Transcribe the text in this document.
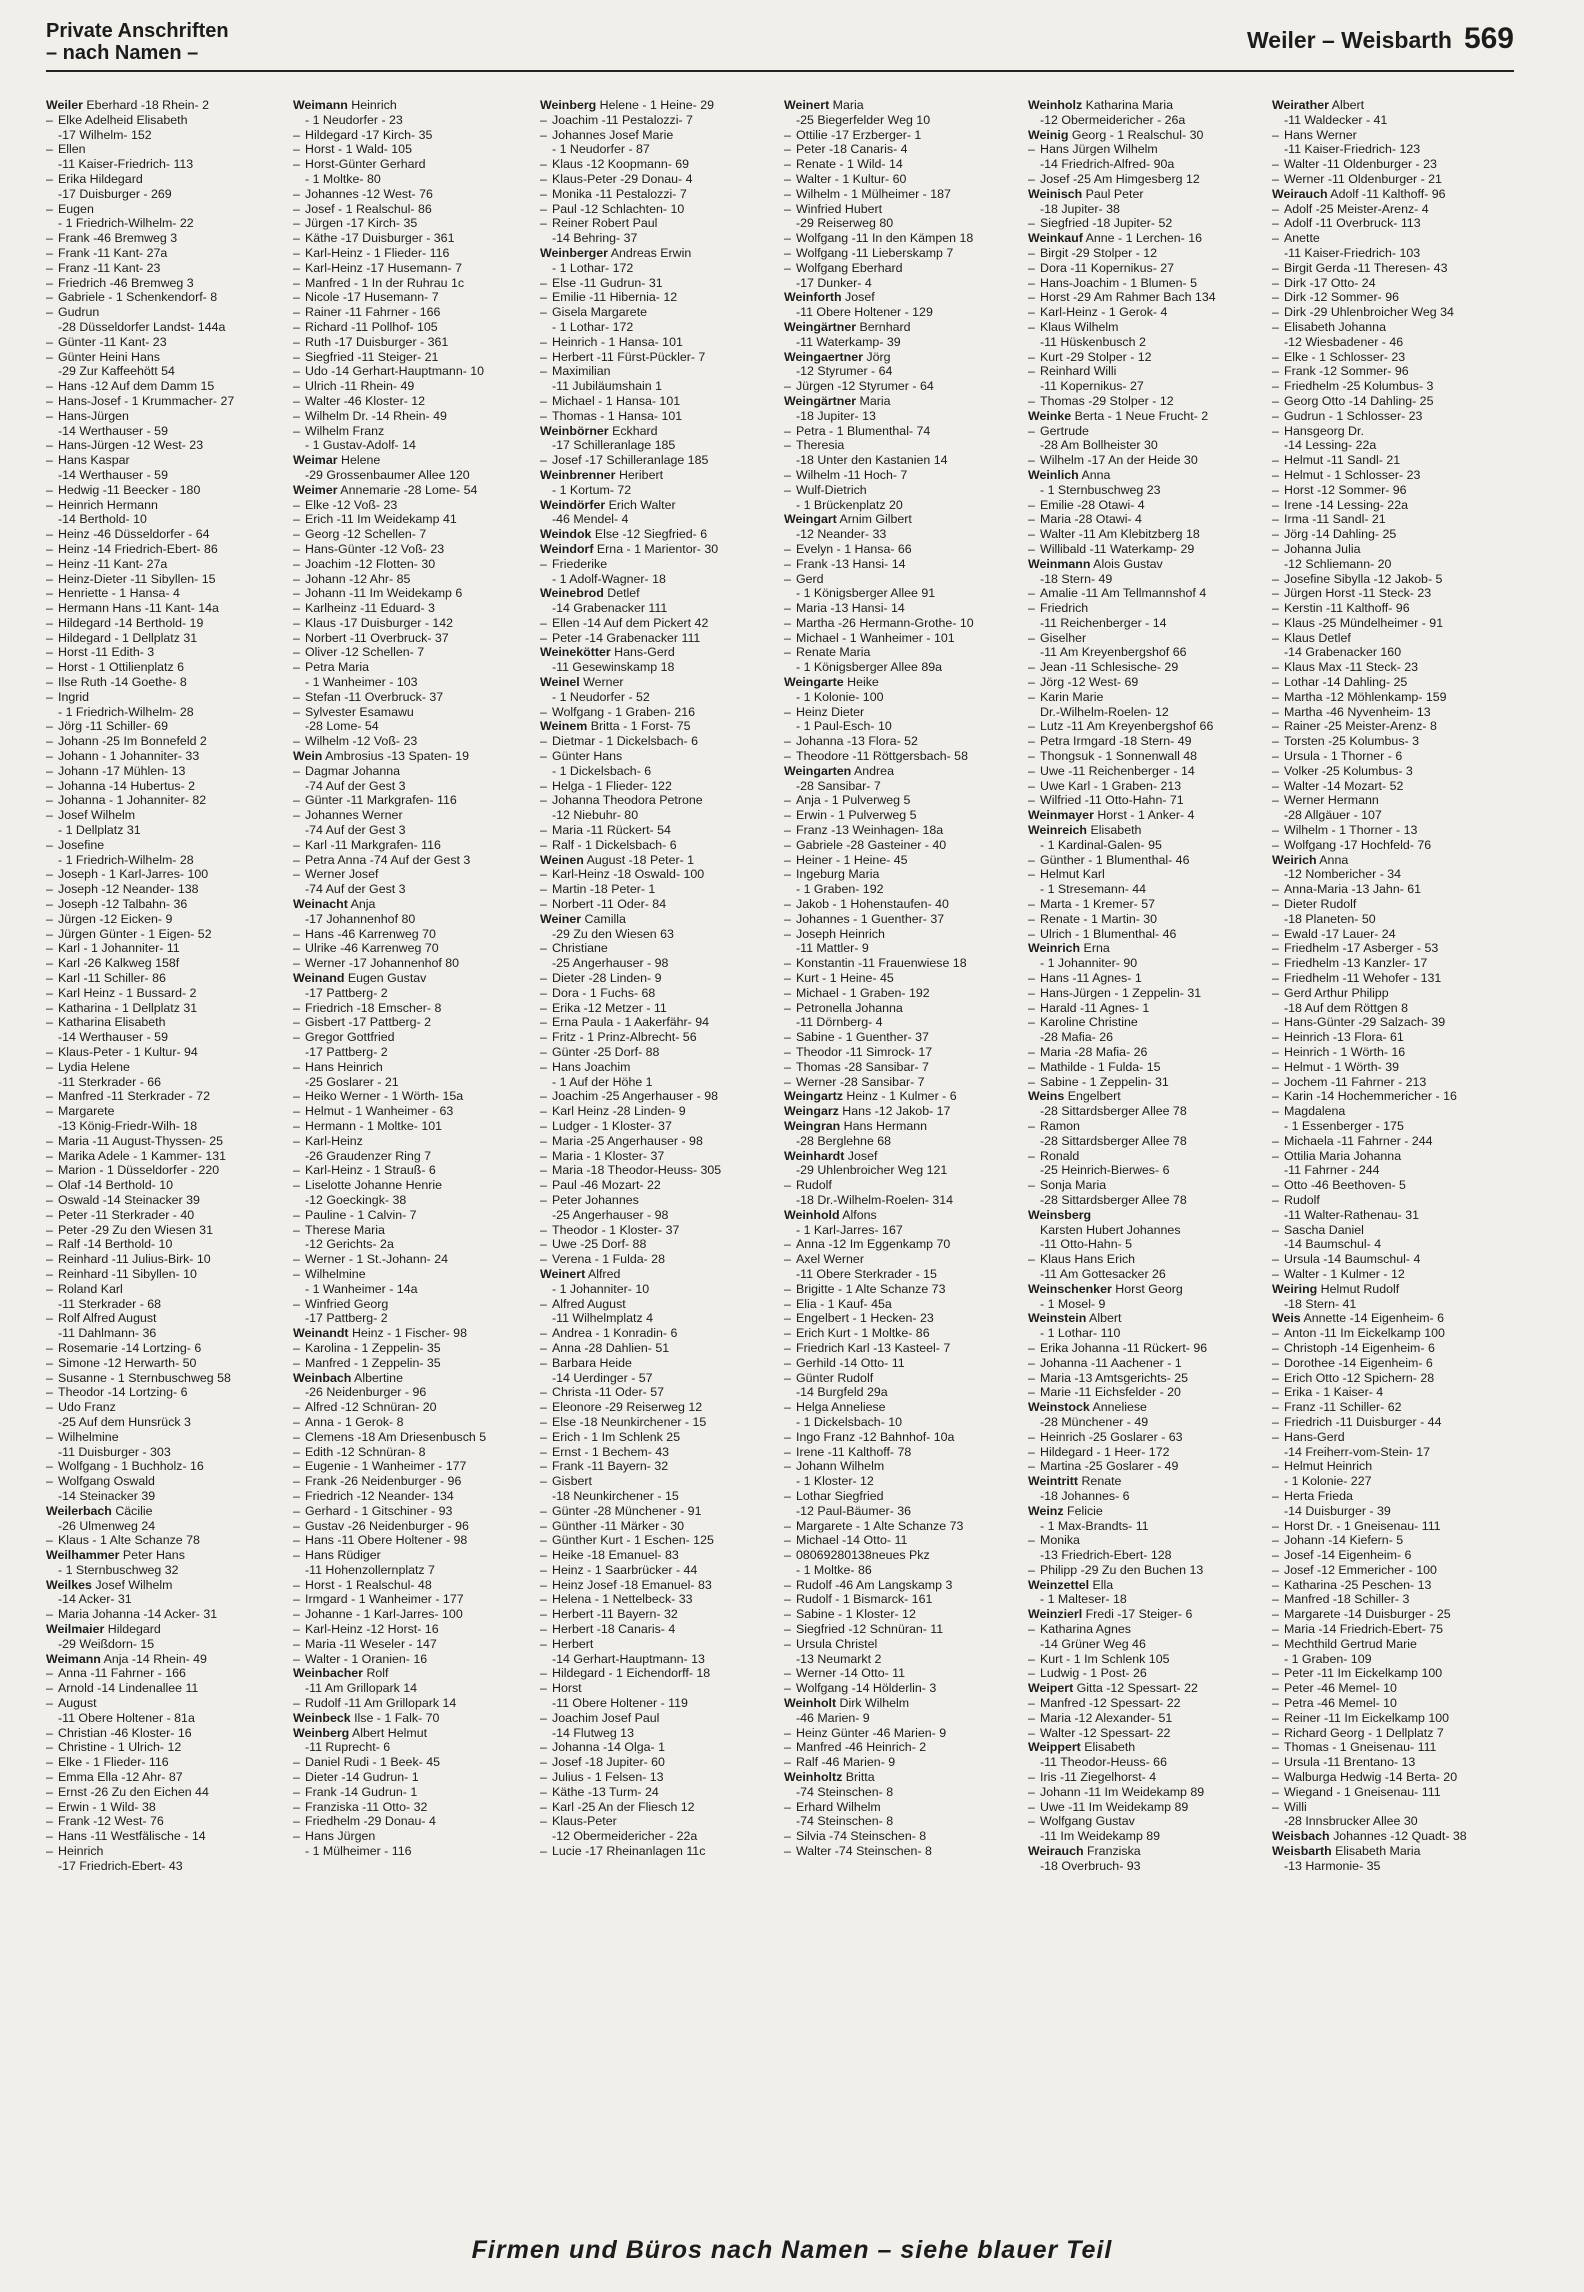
Private Anschriften
– nach Namen –	Weiler – Weisbarth 569
Weiler Eberhard -18 Rhein- 2
– Elke Adelheid Elisabeth
-17 Wilhelm- 152
– Ellen
-11 Kaiser-Friedrich- 113
– Erika Hildegard
-17 Duisburger - 269
– Eugen
- 1 Friedrich-Wilhelm- 22
– Frank -46 Bremweg 3
– Frank -11 Kant- 27a
– Franz -11 Kant- 23
– Friedrich -46 Bremweg 3
– Gabriele - 1 Schenkendorf- 8
– Gudrun
-28 Düsseldorfer Landst- 144a
– Günter -11 Kant- 23
– Günter Heini Hans
-29 Zur Kaffeehött 54
– Hans -12 Auf dem Damm 15
– Hans-Josef - 1 Krummacher- 27
– Hans-Jürgen
-14 Werthauser - 59
– Hans-Jürgen -12 West- 23
– Hans Kaspar
-14 Werthauser - 59
– Hedwig -11 Beecker - 180
– Heinrich Hermann
-14 Berthold- 10
– Heinz -46 Düsseldorfer - 64
– Heinz -14 Friedrich-Ebert- 86
– Heinz -11 Kant- 27a
– Heinz-Dieter -11 Sibyllen- 15
– Henriette - 1 Hansa- 4
– Hermann Hans -11 Kant- 14a
– Hildegard -14 Berthold- 19
– Hildegard - 1 Dellplatz 31
– Horst -11 Edith- 3
– Horst - 1 Ottilienplatz 6
– Ilse Ruth -14 Goethe- 8
– Ingrid
- 1 Friedrich-Wilhelm- 28
– Jörg -11 Schiller- 69
– Johann -25 Im Bonnefeld 2
– Johann - 1 Johanniter- 33
– Johann -17 Mühlen- 13
– Johanna -14 Hubertus- 2
– Johanna - 1 Johanniter- 82
– Josef Wilhelm
- 1 Dellplatz 31
– Josefine
- 1 Friedrich-Wilhelm- 28
– Joseph - 1 Karl-Jarres- 100
– Joseph -12 Neander- 138
– Joseph -12 Talbahn- 36
– Jürgen -12 Eicken- 9
– Jürgen Günter - 1 Eigen- 52
– Karl - 1 Johanniter- 11
– Karl -26 Kalkweg 158f
– Karl -11 Schiller- 86
– Karl Heinz - 1 Bussard- 2
– Katharina - 1 Dellplatz 31
– Katharina Elisabeth
-14 Werthauser - 59
– Klaus-Peter - 1 Kultur- 94
– Lydia Helene
-11 Sterkrader - 66
– Manfred -11 Sterkrader - 72
– Margarete
-13 König-Friedr-Wilh- 18
– Maria -11 August-Thyssen- 25
– Marika Adele - 1 Kammer- 131
– Marion - 1 Düsseldorfer - 220
– Olaf -14 Berthold- 10
– Oswald -14 Steinacker 39
– Peter -11 Sterkrader - 40
– Peter -29 Zu den Wiesen 31
– Ralf -14 Berthold- 10
– Reinhard -11 Julius-Birk- 10
– Reinhard -11 Sibyllen- 10
– Roland Karl
-11 Sterkrader - 68
– Rolf Alfred August
-11 Dahlmann- 36
– Rosemarie -14 Lortzing- 6
– Simone -12 Herwarth- 50
– Susanne - 1 Sternbuschweg 58
– Theodor -14 Lortzing- 6
– Udo Franz
-25 Auf dem Hunsrück 3
– Wilhelmine
-11 Duisburger - 303
– Wolfgang - 1 Buchholz- 16
– Wolfgang Oswald
-14 Steinacker 39
Weilerbach Cäcilie
-26 Ulmenweg 24
– Klaus - 1 Alte Schanze 78
Weilhammer Peter Hans
- 1 Sternbuschweg 32
Weilkes Josef Wilhelm
-14 Acker- 31
– Maria Johanna -14 Acker- 31
Weilmaier Hildegard
-29 Weißdorn- 15
Weimann Anja -14 Rhein- 49
– Anna -11 Fahrner - 166
– Arnold -14 Lindenallee 11
– August
-11 Obere Holtener - 81a
– Christian -46 Kloster- 16
– Christine - 1 Ulrich- 12
– Elke - 1 Flieder- 116
– Emma Ella -12 Ahr- 87
– Ernst -26 Zu den Eichen 44
– Erwin - 1 Wild- 38
– Frank -12 West- 76
– Hans -11 Westfälische - 14
– Heinrich
-17 Friedrich-Ebert- 43
Weimann Heinrich
- 1 Neudorfer - 23
– Hildegard -17 Kirch- 35
– Horst - 1 Wald- 105
– Horst-Günter Gerhard
- 1 Moltke- 80
– Johannes -12 West- 76
– Josef - 1 Realschul- 86
– Jürgen -17 Kirch- 35
– Käthe -17 Duisburger - 361
– Karl-Heinz - 1 Flieder- 116
– Karl-Heinz -17 Husemann- 7
– Manfred - 1 In der Ruhrau 1c
– Nicole -17 Husemann- 7
– Rainer -11 Fahrner - 166
– Richard -11 Pollhof- 105
– Ruth -17 Duisburger - 361
– Siegfried -11 Steiger- 21
– Udo -14 Gerhart-Hauptmann- 10
– Ulrich -11 Rhein- 49
– Walter -46 Kloster- 12
– Wilhelm Dr. -14 Rhein- 49
– Wilhelm Franz
- 1 Gustav-Adolf- 14
Weimar Helene
-29 Grossenbaumer Allee 120
Weimer Annemarie -28 Lome- 54
– Elke -12 Voß- 23
– Erich -11 Im Weidekamp 41
– Georg -12 Schellen- 7
– Hans-Günter -12 Voß- 23
– Joachim -12 Flotten- 30
– Johann -12 Ahr- 85
– Johann -11 Im Weidekamp 6
– Karlheinz -11 Eduard- 3
– Klaus -17 Duisburger - 142
– Norbert -11 Overbruck- 37
– Oliver -12 Schellen- 7
– Petra Maria
- 1 Wanheimer - 103
– Stefan -11 Overbruck- 37
– Sylvester Esamawu
-28 Lome- 54
– Wilhelm -12 Voß- 23
Wein Ambrosius -13 Spaten- 19
– Dagmar Johanna
-74 Auf der Gest 3
– Günter -11 Markgrafen- 116
– Johannes Werner
-74 Auf der Gest 3
– Karl -11 Markgrafen- 116
– Petra Anna -74 Auf der Gest 3
– Werner Josef
-74 Auf der Gest 3
Weinacht Anja
-17 Johannenhof 80
– Hans -46 Karrenweg 70
– Ulrike -46 Karrenweg 70
– Werner -17 Johannenhof 80
Weinand Eugen Gustav
-17 Pattberg- 2
– Friedrich -18 Emscher- 8
– Gisbert -17 Pattberg- 2
– Gregor Gottfried
-17 Pattberg- 2
– Hans Heinrich
-25 Goslarer - 21
– Heiko Werner - 1 Wörth- 15a
– Helmut - 1 Wanheimer - 63
– Hermann - 1 Moltke- 101
– Karl-Heinz
-26 Graudenzer Ring 7
– Karl-Heinz - 1 Strauß- 6
– Liselotte Johanne Henrie
-12 Goeckingk- 38
– Pauline - 1 Calvin- 7
– Therese Maria
-12 Gerichts- 2a
– Werner - 1 St.-Johann- 24
– Wilhelmine
- 1 Wanheimer - 14a
– Winfried Georg
-17 Pattberg- 2
Weinandt Heinz - 1 Fischer- 98
– Karolina - 1 Zeppelin- 35
– Manfred - 1 Zeppelin- 35
Weinbach Albertine
-26 Neidenburger - 96
– Alfred -12 Schnüran- 20
– Anna - 1 Gerok- 8
– Clemens -18 Am Driesenbusch 5
– Edith -12 Schnüran- 8
– Eugenie - 1 Wanheimer - 177
– Frank -26 Neidenburger - 96
– Friedrich -12 Neander- 134
– Gerhard - 1 Gitschiner - 93
– Gustav -26 Neidenburger - 96
– Hans -11 Obere Holtener - 98
– Hans Rüdiger
-11 Hohenzollernplatz 7
– Horst - 1 Realschul- 48
– Irmgard - 1 Wanheimer - 177
– Johanne - 1 Karl-Jarres- 100
– Karl-Heinz -12 Horst- 16
– Maria -11 Weseler - 147
– Walter - 1 Oranien- 16
Weinbacher Rolf
-11 Am Grillopark 14
– Rudolf -11 Am Grillopark 14
Weinbeck Ilse - 1 Falk- 70
Weinberg Albert Helmut
-11 Ruprecht- 6
– Daniel Rudi - 1 Beek- 45
– Dieter -14 Gudrun- 1
– Frank -14 Gudrun- 1
– Franziska -11 Otto- 32
– Friedhelm -29 Donau- 4
– Hans Jürgen
- 1 Mülheimer - 116
Weinberg Helene - 1 Heine- 29
– Joachim -11 Pestalozzi- 7
– Johannes Josef Marie
- 1 Neudorfer - 87
– Klaus -12 Koopmann- 69
– Klaus-Peter -29 Donau- 4
– Monika -11 Pestalozzi- 7
– Paul -12 Schlachten- 10
– Reiner Robert Paul
-14 Behring- 37
Weinberger Andreas Erwin
- 1 Lothar- 172
– Else -11 Gudrun- 31
– Emilie -11 Hibernia- 12
– Gisela Margarete
- 1 Lothar- 172
– Heinrich - 1 Hansa- 101
– Herbert -11 Fürst-Pückler- 7
– Maximilian
-11 Jubiläumshain 1
– Michael - 1 Hansa- 101
– Thomas - 1 Hansa- 101
Weinbörner Eckhard
-17 Schilleranlage 185
– Josef -17 Schilleranlage 185
Weinbrenner Heribert
- 1 Kortum- 72
Weindörfer Erich Walter
-46 Mendel- 4
Weindok Else -12 Siegfried- 6
Weindorf Erna - 1 Marientor- 30
– Friederike
- 1 Adolf-Wagner- 18
Weinebrod Detlef
-14 Grabenacker 111
– Ellen -14 Auf dem Pickert 42
– Peter -14 Grabenacker 111
Weinekötter Hans-Gerd
-11 Gesewinskamp 18
Weinel Werner
- 1 Neudorfer - 52
– Wolfgang - 1 Graben- 216
Weinem Britta - 1 Forst- 75
– Dietmar - 1 Dickelsbach- 6
– Günter Hans
- 1 Dickelsbach- 6
– Helga - 1 Flieder- 122
– Johanna Theodora Petrone
-12 Niebuhr- 80
– Maria -11 Rückert- 54
– Ralf - 1 Dickelsbach- 6
Weinen August -18 Peter- 1
– Karl-Heinz -18 Oswald- 100
– Martin -18 Peter- 1
– Norbert -11 Oder- 84
Weiner Camilla
-29 Zu den Wiesen 63
– Christiane
-25 Angerhauser - 98
– Dieter -28 Linden- 9
– Dora - 1 Fuchs- 68
– Erika -12 Metzer - 11
– Erna Paula - 1 Aakerfähr- 94
– Fritz - 1 Prinz-Albrecht- 56
– Günter -25 Dorf- 88
– Hans Joachim
- 1 Auf der Höhe 1
– Joachim -25 Angerhauser - 98
– Karl Heinz -28 Linden- 9
– Ludger - 1 Kloster- 37
– Maria -25 Angerhauser - 98
– Maria - 1 Kloster- 37
– Maria -18 Theodor-Heuss- 305
– Paul -46 Mozart- 22
– Peter Johannes
-25 Angerhauser - 98
– Theodor - 1 Kloster- 37
– Uwe -25 Dorf- 88
– Verena - 1 Fulda- 28
Weinert Alfred
- 1 Johanniter- 10
– Alfred August
-11 Wilhelmplatz 4
– Andrea - 1 Konradin- 6
– Anna -28 Dahlien- 51
– Barbara Heide
-14 Uerdinger - 57
– Christa -11 Oder- 57
– Eleonore -29 Reiserweg 12
– Else -18 Neunkirchener - 15
– Erich - 1 Im Schlenk 25
– Ernst - 1 Bechem- 43
– Frank -11 Bayern- 32
– Gisbert
-18 Neunkirchener - 15
– Günter -28 Münchener - 91
– Günther -11 Märker - 30
– Günther Kurt - 1 Eschen- 125
– Heike -18 Emanuel- 83
– Heinz - 1 Saarbrücker - 44
– Heinz Josef -18 Emanuel- 83
– Helena - 1 Nettelbeck- 33
– Herbert -11 Bayern- 32
– Herbert -18 Canaris- 4
– Herbert
-14 Gerhart-Hauptmann- 13
– Hildegard - 1 Eichendorff- 18
– Horst
-11 Obere Holtener - 119
– Joachim Josef Paul
-14 Flutweg 13
– Johanna -14 Olga- 1
– Josef -18 Jupiter- 60
– Julius - 1 Felsen- 13
– Käthe -13 Turm- 24
– Karl -25 An der Fliesch 12
– Klaus-Peter
-12 Obermeidericher - 22a
– Lucie -17 Rheinanlagen 11c
Weinert Maria
-25 Biegerfelder Weg 10
– Ottilie -17 Erzberger- 1
– Peter -18 Canaris- 4
– Renate - 1 Wild- 14
– Walter - 1 Kultur- 60
– Wilhelm - 1 Mülheimer - 187
– Winfried Hubert
-29 Reiserweg 80
– Wolfgang -11 In den Kämpen 18
– Wolfgang -11 Lieberskamp 7
– Wolfgang Eberhard
-17 Dunker- 4
Weinforth Josef
-11 Obere Holtener - 129
Weingärtner Bernhard
-11 Waterkamp- 39
Weingaertner Jörg
-12 Styrumer - 64
– Jürgen -12 Styrumer - 64
Weingärtner Maria
-18 Jupiter- 13
– Petra - 1 Blumenthal- 74
– Theresia
-18 Unter den Kastanien 14
– Wilhelm -11 Hoch- 7
– Wulf-Dietrich
- 1 Brückenplatz 20
Weingart Arnim Gilbert
-12 Neander- 33
– Evelyn - 1 Hansa- 66
– Frank -13 Hansi- 14
– Gerd
- 1 Königsberger Allee 91
– Maria -13 Hansi- 14
– Martha -26 Hermann-Grothe- 10
– Michael - 1 Wanheimer - 101
– Renate Maria
- 1 Königsberger Allee 89a
Weingarte Heike
- 1 Kolonie- 100
– Heinz Dieter
- 1 Paul-Esch- 10
– Johanna -13 Flora- 52
– Theodore -11 Röttgersbach- 58
Weingarten Andrea
-28 Sansibar- 7
– Anja - 1 Pulverweg 5
– Erwin - 1 Pulverweg 5
– Franz -13 Weinhagen- 18a
– Gabriele -28 Gasteiner - 40
– Heiner - 1 Heine- 45
– Ingeburg Maria
- 1 Graben- 192
– Jakob - 1 Hohenstaufen- 40
– Johannes - 1 Guenther- 37
– Joseph Heinrich
-11 Mattler- 9
– Konstantin -11 Frauenwiese 18
– Kurt - 1 Heine- 45
– Michael - 1 Graben- 192
– Petronella Johanna
-11 Dörnberg- 4
– Sabine - 1 Guenther- 37
– Theodor -11 Simrock- 17
– Thomas -28 Sansibar- 7
– Werner -28 Sansibar- 7
Weingartz Heinz - 1 Kulmer - 6
Weingarz Hans -12 Jakob- 17
Weingran Hans Hermann
-28 Berglehne 68
Weinhardt Josef
-29 Uhlenbroicher Weg 121
– Rudolf
-18 Dr.-Wilhelm-Roelen- 314
Weinhold Alfons
- 1 Karl-Jarres- 167
– Anna -12 Im Eggenkamp 70
– Axel Werner
-11 Obere Sterkrader - 15
– Brigitte - 1 Alte Schanze 73
– Elia - 1 Kauf- 45a
– Engelbert - 1 Hecken- 23
– Erich Kurt - 1 Moltke- 86
– Friedrich Karl -13 Kasteel- 7
– Gerhild -14 Otto- 11
– Günter Rudolf
-14 Burgfeld 29a
– Helga Anneliese
- 1 Dickelsbach- 10
– Ingo Franz -12 Bahnhof- 10a
– Irene -11 Kalthoff- 78
– Johann Wilhelm
- 1 Kloster- 12
– Lothar Siegfried
-12 Paul-Bäumer- 36
– Margarete - 1 Alte Schanze 73
– Michael -14 Otto- 11
– 08069280138neues Pkz
- 1 Moltke- 86
– Rudolf -46 Am Langskamp 3
– Rudolf - 1 Bismarck- 161
– Sabine - 1 Kloster- 12
– Siegfried -12 Schnüran- 11
– Ursula Christel
-13 Neumarkt 2
– Werner -14 Otto- 11
– Wolfgang -14 Hölderlin- 3
Weinholt Dirk Wilhelm
-46 Marien- 9
– Heinz Günter -46 Marien- 9
– Manfred -46 Heinrich- 2
– Ralf -46 Marien- 9
Weinholtz Britta
-74 Steinschen- 8
– Erhard Wilhelm
-74 Steinschen- 8
– Silvia -74 Steinschen- 8
– Walter -74 Steinschen- 8
Weinholz Katharina Maria
-12 Obermeidericher - 26a
Weinig Georg - 1 Realschul- 30
– Hans Jürgen Wilhelm
-14 Friedrich-Alfred- 90a
– Josef -25 Am Himgesberg 12
Weinisch Paul Peter
-18 Jupiter- 38
– Siegfried -18 Jupiter- 52
Weinkauf Anne - 1 Lerchen- 16
– Birgit -29 Stolper - 12
– Dora -11 Kopernikus- 27
– Hans-Joachim - 1 Blumen- 5
– Horst -29 Am Rahmer Bach 134
– Karl-Heinz - 1 Gerok- 4
– Klaus Wilhelm
-11 Hüskenbusch 2
– Kurt -29 Stolper - 12
– Reinhard Willi
-11 Kopernikus- 27
– Thomas -29 Stolper - 12
Weinke Berta - 1 Neue Frucht- 2
– Gertrude
-28 Am Bollheister 30
– Wilhelm -17 An der Heide 30
Weinlich Anna
- 1 Sternbuschweg 23
– Emilie -28 Otawi- 4
– Maria -28 Otawi- 4
– Walter -11 Am Klebitzberg 18
– Willibald -11 Waterkamp- 29
Weinmann Alois Gustav
-18 Stern- 49
– Amalie -11 Am Tellmannshof 4
– Friedrich
-11 Reichenberger - 14
– Giselher
-11 Am Kreyenbergshof 66
– Jean -11 Schlesische- 29
– Jörg -12 West- 69
– Karin Marie
Dr.-Wilhelm-Roelen- 12
– Lutz -11 Am Kreyenbergshof 66
– Petra Irmgard -18 Stern- 49
– Thongsuk - 1 Sonnenwall 48
– Uwe -11 Reichenberger - 14
– Uwe Karl - 1 Graben- 213
– Wilfried -11 Otto-Hahn- 71
Weinmayer Horst - 1 Anker- 4
Weinreich Elisabeth
- 1 Kardinal-Galen- 95
– Günther - 1 Blumenthal- 46
– Helmut Karl
- 1 Stresemann- 44
– Marta - 1 Kremer- 57
– Renate - 1 Martin- 30
– Ulrich - 1 Blumenthal- 46
Weinrich Erna
- 1 Johanniter- 90
– Hans -11 Agnes- 1
– Hans-Jürgen - 1 Zeppelin- 31
– Harald -11 Agnes- 1
– Karoline Christine
-28 Mafia- 26
– Maria -28 Mafia- 26
– Mathilde - 1 Fulda- 15
– Sabine - 1 Zeppelin- 31
Weins Engelbert
-28 Sittardsberger Allee 78
– Ramon
-28 Sittardsberger Allee 78
– Ronald
-25 Heinrich-Bierwes- 6
– Sonja Maria
-28 Sittardsberger Allee 78
Weinsberg
Karsten Hubert Johannes
-11 Otto-Hahn- 5
– Klaus Hans Erich
-11 Am Gottesacker 26
Weinschenker Horst Georg
- 1 Mosel- 9
Weinstein Albert
- 1 Lothar- 110
– Erika Johanna -11 Rückert- 96
– Johanna -11 Aachener - 1
– Maria -13 Amtsgerichts- 25
– Marie -11 Eichsfelder - 20
Weinstock Anneliese
-28 Münchener - 49
– Heinrich -25 Goslarer - 63
– Hildegard - 1 Heer- 172
– Martina -25 Goslarer - 49
Weintritt Renate
-18 Johannes- 6
Weinz Felicie
- 1 Max-Brandts- 11
– Monika
-13 Friedrich-Ebert- 128
– Philipp -29 Zu den Buchen 13
Weinzettel Ella
- 1 Malteser- 18
Weinzierl Fredi -17 Steiger- 6
– Katharina Agnes
-14 Grüner Weg 46
– Kurt - 1 Im Schlenk 105
– Ludwig - 1 Post- 26
Weipert Gitta -12 Spessart- 22
– Manfred -12 Spessart- 22
– Maria -12 Alexander- 51
– Walter -12 Spessart- 22
Weippert Elisabeth
-11 Theodor-Heuss- 66
– Iris -11 Ziegelhorst- 4
– Johann -11 Im Weidekamp 89
– Uwe -11 Im Weidekamp 89
– Wolfgang Gustav
-11 Im Weidekamp 89
Weirauch Franziska
-18 Overbruch- 93
Weirather Albert
-11 Waldecker - 41
– Hans Werner
-11 Kaiser-Friedrich- 123
– Walter -11 Oldenburger - 23
– Werner -11 Oldenburger - 21
Weirauch Adolf -11 Kalthoff- 96
– Adolf -25 Meister-Arenz- 4
– Adolf -11 Overbruck- 113
– Anette
-11 Kaiser-Friedrich- 103
– Birgit Gerda -11 Theresen- 43
– Dirk -17 Otto- 24
– Dirk -12 Sommer- 96
– Dirk -29 Uhlenbroicher Weg 34
– Elisabeth Johanna
-12 Wiesbadener - 46
– Elke - 1 Schlosser- 23
– Frank -12 Sommer- 96
– Friedhelm -25 Kolumbus- 3
– Georg Otto -14 Dahling- 25
– Gudrun - 1 Schlosser- 23
– Hansgeorg Dr.
-14 Lessing- 22a
– Helmut -11 Sandl- 21
– Helmut - 1 Schlosser- 23
– Horst -12 Sommer- 96
– Irene -14 Lessing- 22a
– Irma -11 Sandl- 21
– Jörg -14 Dahling- 25
– Johanna Julia
-12 Schliemann- 20
– Josefine Sibylla -12 Jakob- 5
– Jürgen Horst -11 Steck- 23
– Kerstin -11 Kalthoff- 96
– Klaus -25 Mündelheimer - 91
– Klaus Detlef
-14 Grabenacker 160
– Klaus Max -11 Steck- 23
– Lothar -14 Dahling- 25
– Martha -12 Möhlenkamp- 159
– Martha -46 Nyvenheim- 13
– Rainer -25 Meister-Arenz- 8
– Torsten -25 Kolumbus- 3
– Ursula - 1 Thorner - 6
– Volker -25 Kolumbus- 3
– Walter -14 Mozart- 52
– Werner Hermann
-28 Allgäuer - 107
– Wilhelm - 1 Thorner - 13
– Wolfgang -17 Hochfeld- 76
Weirich Anna
-12 Nombericher - 34
– Anna-Maria -13 Jahn- 61
– Dieter Rudolf
-18 Planeten- 50
– Ewald -17 Lauer- 24
– Friedhelm -17 Asberger - 53
– Friedhelm -13 Kanzler- 17
– Friedhelm -11 Wehofer - 131
– Gerd Arthur Philipp
-18 Auf dem Röttgen 8
– Hans-Günter -29 Salzach- 39
– Heinrich -13 Flora- 61
– Heinrich - 1 Wörth- 16
– Helmut - 1 Wörth- 39
– Jochem -11 Fahrner - 213
– Karin -14 Hochemmericher - 16
– Magdalena
- 1 Essenberger - 175
– Michaela -11 Fahrner - 244
– Ottilia Maria Johanna
-11 Fahrner - 244
– Otto -46 Beethoven- 5
– Rudolf
-11 Walter-Rathenau- 31
– Sascha Daniel
-14 Baumschul- 4
– Ursula -14 Baumschul- 4
– Walter - 1 Kulmer - 12
Weiring Helmut Rudolf
-18 Stern- 41
Weis Annette -14 Eigenheim- 6
– Anton -11 Im Eickelkamp 100
– Christoph -14 Eigenheim- 6
– Dorothee -14 Eigenheim- 6
– Erich Otto -12 Spichern- 28
– Erika - 1 Kaiser- 4
– Franz -11 Schiller- 62
– Friedrich -11 Duisburger - 44
– Hans-Gerd
-14 Freiherr-vom-Stein- 17
– Helmut Heinrich
- 1 Kolonie- 227
– Herta Frieda
-14 Duisburger - 39
– Horst Dr. - 1 Gneisenau- 111
– Johann -14 Kiefern- 5
– Josef -14 Eigenheim- 6
– Josef -12 Emmericher - 100
– Katharina -25 Peschen- 13
– Manfred -18 Schiller- 3
– Margarete -14 Duisburger - 25
– Maria -14 Friedrich-Ebert- 75
– Mechthild Gertrud Marie
- 1 Graben- 109
– Peter -11 Im Eickelkamp 100
– Peter -46 Memel- 10
– Petra -46 Memel- 10
– Reiner -11 Im Eickelkamp 100
– Richard Georg - 1 Dellplatz 7
– Thomas - 1 Gneisenau- 111
– Ursula -11 Brentano- 13
– Walburga Hedwig -14 Berta- 20
– Wiegand - 1 Gneisenau- 111
– Willi
-28 Innsbrucker Allee 30
Weisbach Johannes -12 Quadt- 38
Weisbarth Elisabeth Maria
-13 Harmonie- 35
Firmen und Büros nach Namen – siehe blauer Teil
